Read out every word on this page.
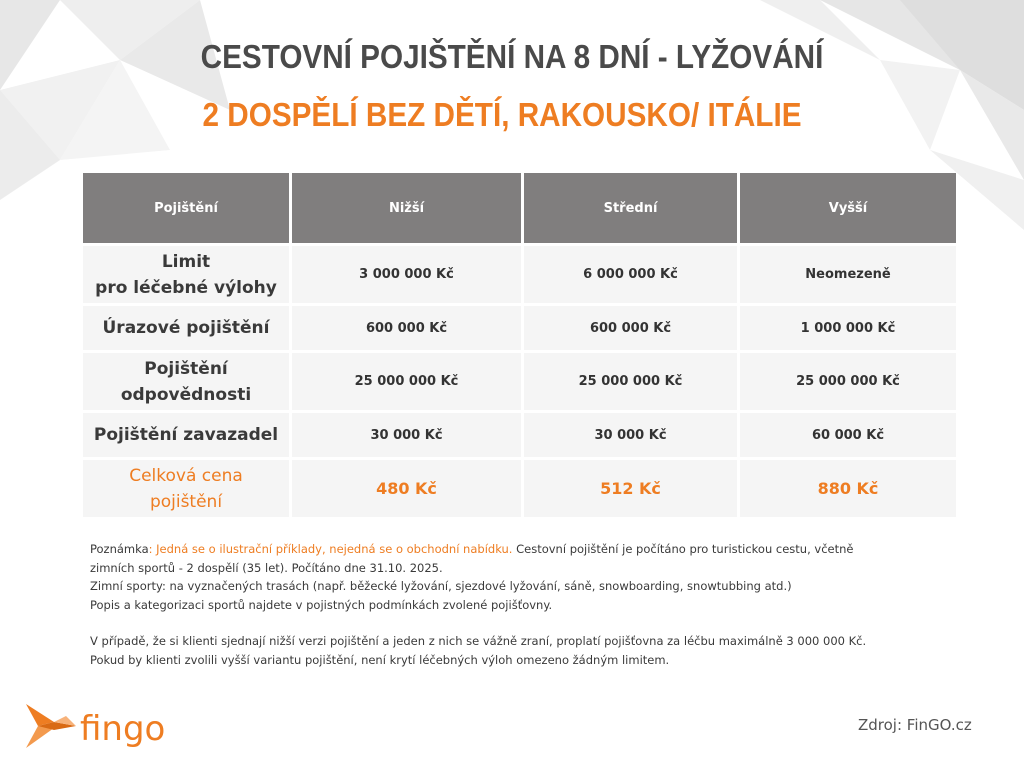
CESTOVNÍ POJIŠTĚNÍ NA 8 DNÍ - LYŽOVÁNÍ
2 DOSPĚLÍ BEZ DĚTÍ, RAKOUSKO/ ITÁLIE
Pojištění	Nižší	Střední	Vyšší

Limit
pro léčebné výlohy	3 000 000 Kč	6 000 000 Kč	Neomezeně

Úrazové pojištění	600 000 Kč	600 000 Kč	1 000 000 Kč

Pojištění
odpovědnosti	25 000 000 Kč	25 000 000 Kč	25 000 000 Kč

Pojištění zavazadel	30 000 Kč	30 000 Kč	60 000 Kč

Celková cena
pojištění	480 Kč	512 Kč	880 Kč
Poznámka: Jedná se o ilustrační příklady, nejedná se o obchodní nabídku. Cestovní pojištění je počítáno pro turistickou cestu, včetně
zimních sportů - 2 dospělí (35 let). Počítáno dne 31.10. 2025.
Zimní sporty: na vyznačených trasách (např. běžecké lyžování, sjezdové lyžování, sáně, snowboarding, snowtubbing atd.)
Popis a kategorizaci sportů najdete v pojistných podmínkách zvolené pojišťovny.
V případě, že si klienti sjednají nižší verzi pojištění a jeden z nich se vážně zraní, proplatí pojišťovna za léčbu maximálně 3 000 000 Kč.
Pokud by klienti zvolili vyšší variantu pojištění, není krytí léčebných výloh omezeno žádným limitem.
fingo	Zdroj: FinGO.cz
